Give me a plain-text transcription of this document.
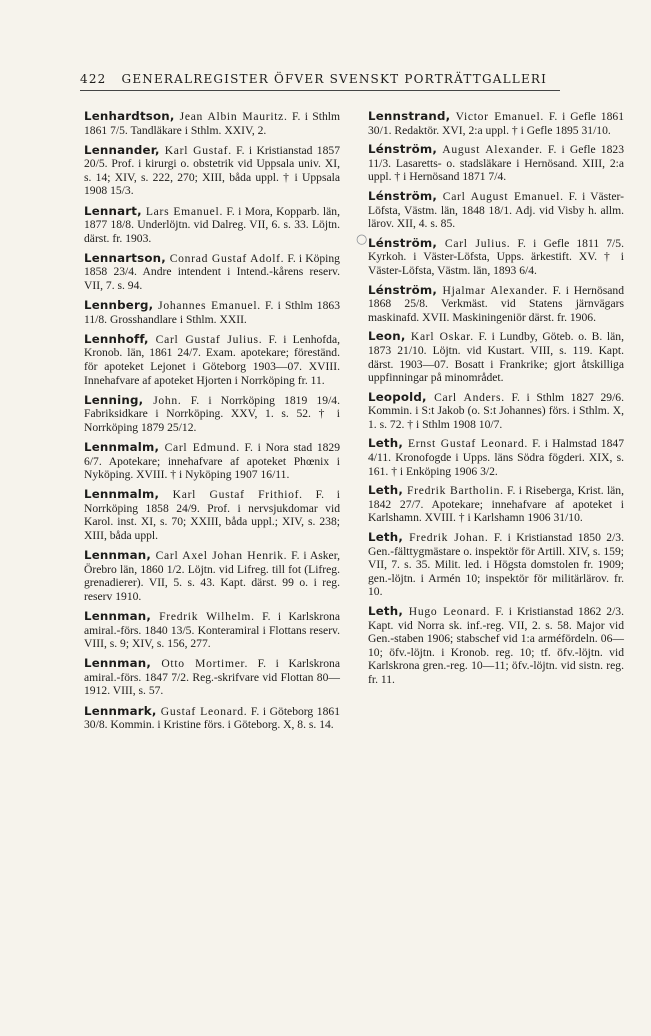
422 GENERALREGISTER ÖFVER SVENSKT PORTRÄTTGALLERI
○
Lenhardtson, Jean Albin Mauritz. F. i Sthlm 1861 7/5. Tandläkare i Sthlm. XXIV, 2.
Lennander, Karl Gustaf. F. i Kristianstad 1857 20/5. Prof. i kirurgi o. obstetrik vid Uppsala univ. XI, s. 14; XIV, s. 222, 270; XIII, båda uppl. † i Uppsala 1908 15/3.
Lennart, Lars Emanuel. F. i Mora, Kopparb. län, 1877 18/8. Underlöjtn. vid Dalreg. VII, 6. s. 33. Löjtn. därst. fr. 1903.
Lennartson, Conrad Gustaf Adolf. F. i Köping 1858 23/4. Andre intendent i Intend.-kårens reserv. VII, 7. s. 94.
Lennberg, Johannes Emanuel. F. i Sthlm 1863 11/8. Grosshandlare i Sthlm. XXII.
Lennhoff, Carl Gustaf Julius. F. i Lenhofda, Kronob. län, 1861 24/7. Exam. apotekare; föreständ. för apoteket Lejonet i Göteborg 1903—07. XVIII. Innehafvare af apoteket Hjorten i Norrköping fr. 11.
Lenning, John. F. i Norrköping 1819 19/4. Fabriksidkare i Norrköping. XXV, 1. s. 52. † i Norrköping 1879 25/12.
Lennmalm, Carl Edmund. F. i Nora stad 1829 6/7. Apotekare; innehafvare af apoteket Phœnix i Nyköping. XVIII. † i Nyköping 1907 16/11.
Lennmalm, Karl Gustaf Frithiof. F. i Norrköping 1858 24/9. Prof. i nervsjukdomar vid Karol. inst. XI, s. 70; XXIII, båda uppl.; XIV, s. 238; XIII, båda uppl.
Lennman, Carl Axel Johan Henrik. F. i Asker, Örebro län, 1860 1/2. Löjtn. vid Lifreg. till fot (Lifreg. grenadierer). VII, 5. s. 43. Kapt. därst. 99 o. i reg. reserv 1910.
Lennman, Fredrik Wilhelm. F. i Karlskrona amiral.-förs. 1840 13/5. Konteramiral i Flottans reserv. VIII, s. 9; XIV, s. 156, 277.
Lennman, Otto Mortimer. F. i Karlskrona amiral.-förs. 1847 7/2. Reg.-skrifvare vid Flottan 80—1912. VIII, s. 57.
Lennmark, Gustaf Leonard. F. i Göteborg 1861 30/8. Kommin. i Kristine förs. i Göteborg. X, 8. s. 14.
Lennstrand, Victor Emanuel. F. i Gefle 1861 30/1. Redaktör. XVI, 2:a uppl. † i Gefle 1895 31/10.
Lénström, August Alexander. F. i Gefle 1823 11/3. Lasaretts- o. stadsläkare i Hernösand. XIII, 2:a uppl. † i Hernösand 1871 7/4.
Lénström, Carl August Emanuel. F. i Väster-Löfsta, Västm. län, 1848 18/1. Adj. vid Visby h. allm. lärov. XII, 4. s. 85.
Lénström, Carl Julius. F. i Gefle 1811 7/5. Kyrkoh. i Väster-Löfsta, Upps. ärkestift. XV. † i Väster-Löfsta, Västm. län, 1893 6/4.
Lénström, Hjalmar Alexander. F. i Hernösand 1868 25/8. Verkmäst. vid Statens järnvägars maskinafd. XVII. Maskiningeniör därst. fr. 1906.
Leon, Karl Oskar. F. i Lundby, Göteb. o. B. län, 1873 21/10. Löjtn. vid Kustart. VIII, s. 119. Kapt. därst. 1903—07. Bosatt i Frankrike; gjort åtskilliga uppfinningar på minområdet.
Leopold, Carl Anders. F. i Sthlm 1827 29/6. Kommin. i S:t Jakob (o. S:t Johannes) förs. i Sthlm. X, 1. s. 72. † i Sthlm 1908 10/7.
Leth, Ernst Gustaf Leonard. F. i Halmstad 1847 4/11. Kronofogde i Upps. läns Södra fögderi. XIX, s. 161. † i Enköping 1906 3/2.
Leth, Fredrik Bartholin. F. i Riseberga, Krist. län, 1842 27/7. Apotekare; innehafvare af apoteket i Karlshamn. XVIII. † i Karlshamn 1906 31/10.
Leth, Fredrik Johan. F. i Kristianstad 1850 2/3. Gen.-fälttygmästare o. inspektör för Artill. XIV, s. 159; VII, 7. s. 35. Milit. led. i Högsta domstolen fr. 1909; gen.-löjtn. i Armén 10; inspektör för militärlärov. fr. 10.
Leth, Hugo Leonard. F. i Kristianstad 1862 2/3. Kapt. vid Norra sk. inf.-reg. VII, 2. s. 58. Major vid Gen.-staben 1906; stabschef vid 1:a arméfördeln. 06—10; öfv.-löjtn. i Kronob. reg. 10; tf. öfv.-löjtn. vid Karlskrona gren.-reg. 10—11; öfv.-löjtn. vid sistn. reg. fr. 11.
